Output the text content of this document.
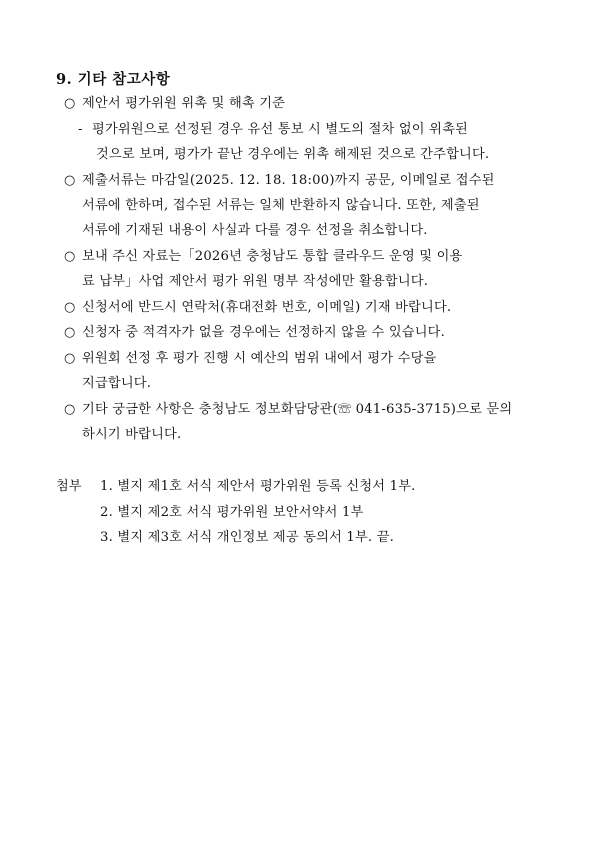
9. 기타 참고사항
○ 제안서 평가위원 위촉 및 해촉 기준
- 평가위원으로 선정된 경우 유선 통보 시 별도의 절차 없이 위촉된
것으로 보며, 평가가 끝난 경우에는 위촉 해제된 것으로 간주합니다.
○ 제출서류는 마감일(2025. 12. 18. 18:00)까지 공문, 이메일로 접수된
서류에 한하며, 접수된 서류는 일체 반환하지 않습니다. 또한, 제출된
서류에 기재된 내용이 사실과 다를 경우 선정을 취소합니다.
○ 보내 주신 자료는「2026년 충청남도 통합 클라우드 운영 및 이용
료 납부」사업 제안서 평가 위원 명부 작성에만 활용합니다.
○ 신청서에 반드시 연락처(휴대전화 번호, 이메일) 기재 바랍니다.
○ 신청자 중 적격자가 없을 경우에는 선정하지 않을 수 있습니다.
○ 위원회 선정 후 평가 진행 시 예산의 범위 내에서 평가 수당을
지급합니다.
○ 기타 궁금한 사항은 충청남도 정보화담당관(☏ 041-635-3715)으로 문의
하시기 바랍니다.
첨부 1. 별지 제1호 서식 제안서 평가위원 등록 신청서 1부.
2. 별지 제2호 서식 평가위원 보안서약서 1부
3. 별지 제3호 서식 개인정보 제공 동의서 1부. 끝.
